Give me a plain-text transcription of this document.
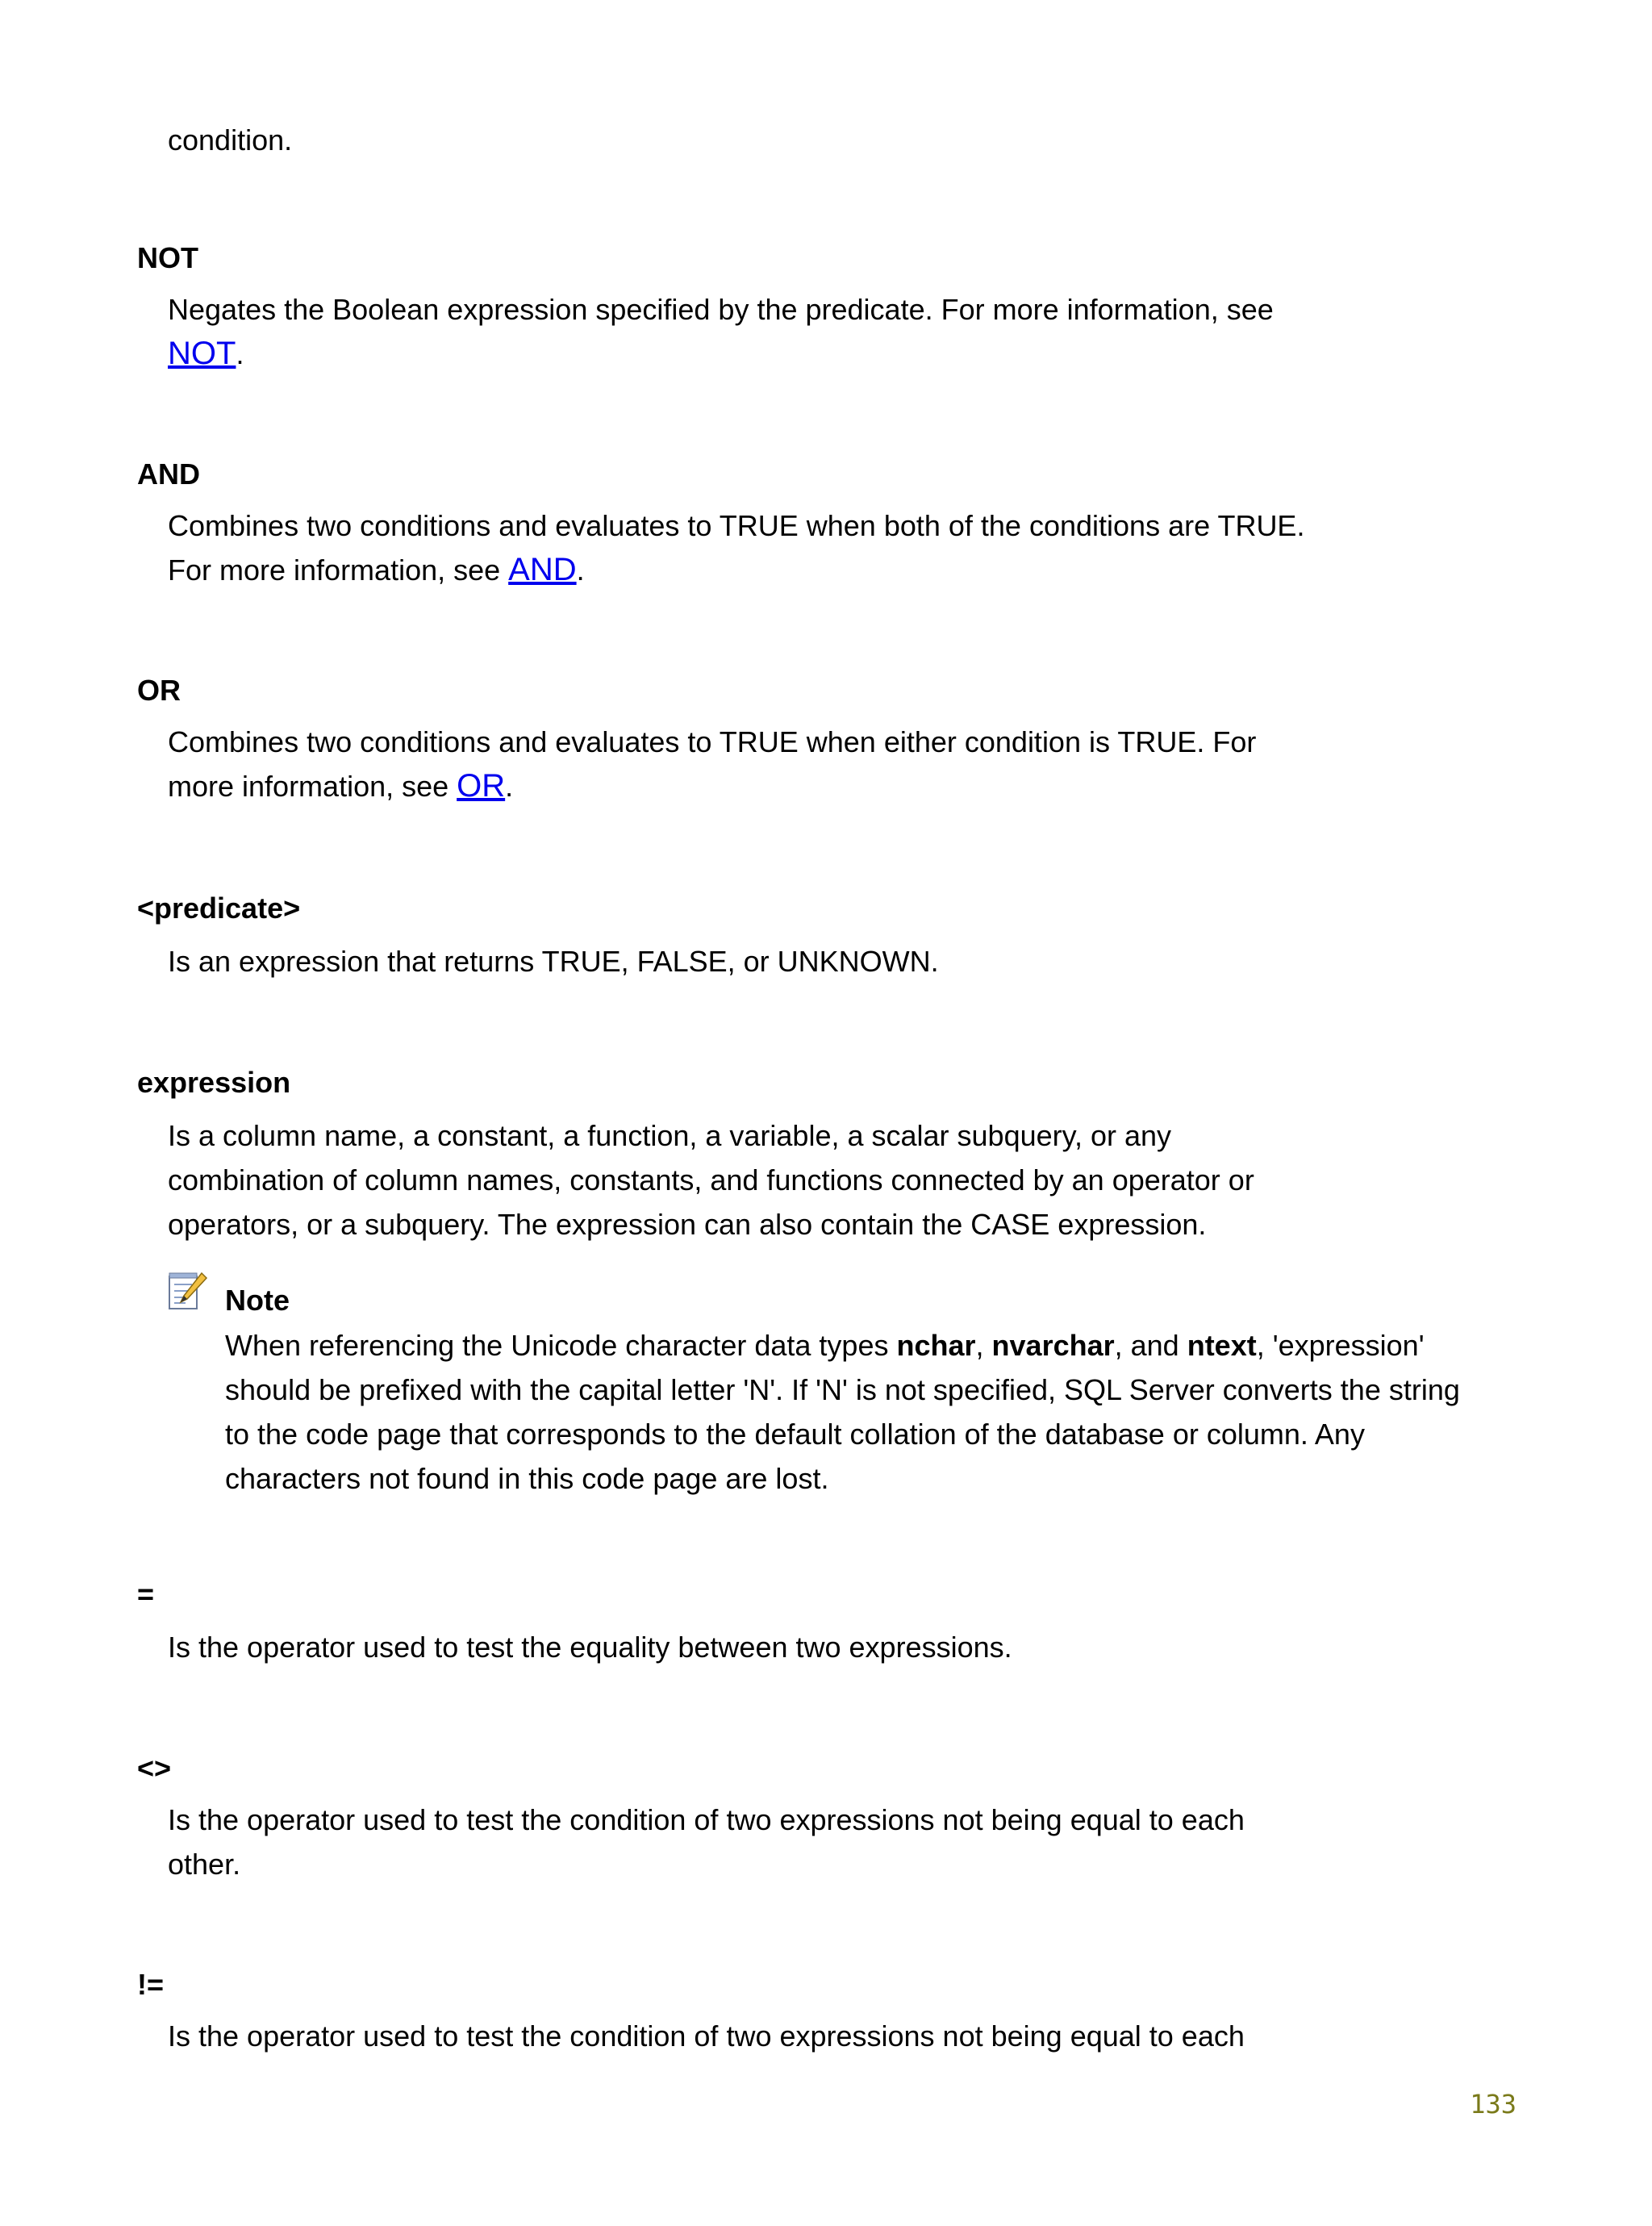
condition.
NOT
Negates the Boolean expression specified by the predicate. For more information, see NOT.
AND
Combines two conditions and evaluates to TRUE when both of the conditions are TRUE. For more information, see AND.
OR
Combines two conditions and evaluates to TRUE when either condition is TRUE. For more information, see OR.
<predicate>
Is an expression that returns TRUE, FALSE, or UNKNOWN.
expression
Is a column name, a constant, a function, a variable, a scalar subquery, or any combination of column names, constants, and functions connected by an operator or operators, or a subquery. The expression can also contain the CASE expression.
Note
When referencing the Unicode character data types nchar, nvarchar, and ntext, 'expression' should be prefixed with the capital letter 'N'. If 'N' is not specified, SQL Server converts the string to the code page that corresponds to the default collation of the database or column. Any characters not found in this code page are lost.
=
Is the operator used to test the equality between two expressions.
<>
Is the operator used to test the condition of two expressions not being equal to each other.
!=
Is the operator used to test the condition of two expressions not being equal to each
133
